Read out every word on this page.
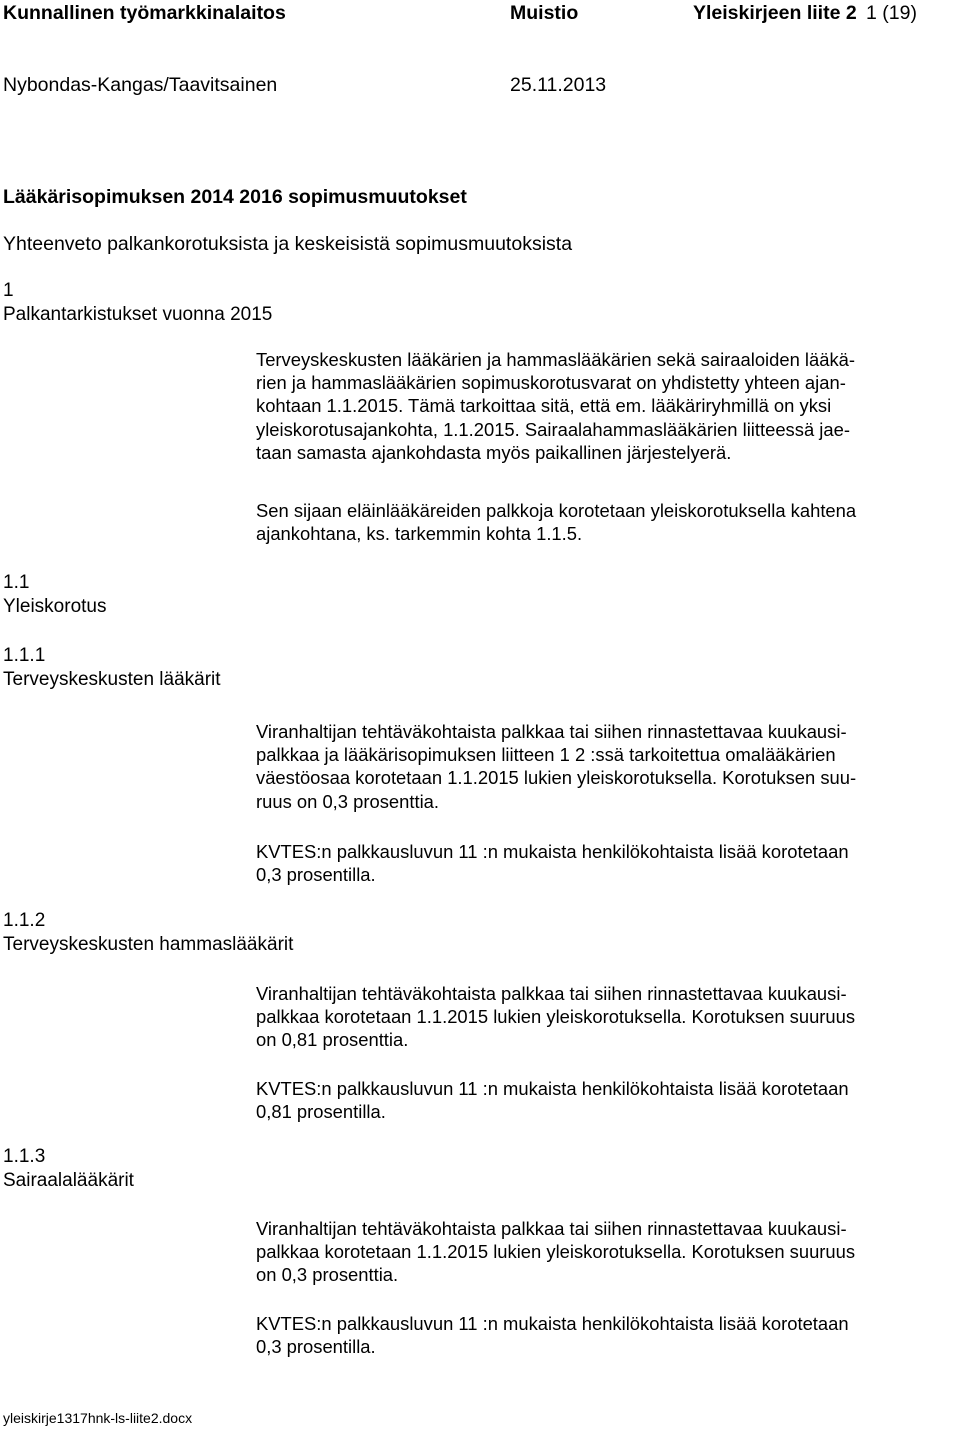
Kunnallinen työmarkkinalaitos	Muistio	Yleiskirjeen liite 2 1 (19)
Nybondas-Kangas/Taavitsainen	25.11.2013
Lääkärisopimuksen 2014 2016 sopimusmuutokset
Yhteenveto palkankorotuksista ja keskeisistä sopimusmuutoksista
1
Palkantarkistukset vuonna 2015
Terveyskeskusten lääkärien ja hammaslääkärien sekä sairaaloiden lääkä-
rien ja hammaslääkärien sopimuskorotusvarat on yhdistetty yhteen ajan-
kohtaan 1.1.2015. Tämä tarkoittaa sitä, että em. lääkäriryhmillä on yksi
yleiskorotusajankohta, 1.1.2015. Sairaalahammaslääkärien liitteessä jae-
taan samasta ajankohdasta myös paikallinen järjestelyerä.
Sen sijaan eläinlääkäreiden palkkoja korotetaan yleiskorotuksella kahtena
ajankohtana, ks. tarkemmin kohta 1.1.5.
1.1
Yleiskorotus
1.1.1
Terveyskeskusten lääkärit
Viranhaltijan tehtäväkohtaista palkkaa tai siihen rinnastettavaa kuukausi-
palkkaa ja lääkärisopimuksen liitteen 1 2 :ssä tarkoitettua omalääkärien
väestöosaa korotetaan 1.1.2015 lukien yleiskorotuksella. Korotuksen suu-
ruus on 0,3 prosenttia.
KVTES:n palkkausluvun 11 :n mukaista henkilökohtaista lisää korotetaan
0,3 prosentilla.
1.1.2
Terveyskeskusten hammaslääkärit
Viranhaltijan tehtäväkohtaista palkkaa tai siihen rinnastettavaa kuukausi-
palkkaa korotetaan 1.1.2015 lukien yleiskorotuksella. Korotuksen suuruus
on 0,81 prosenttia.
KVTES:n palkkausluvun 11 :n mukaista henkilökohtaista lisää korotetaan
0,81 prosentilla.
1.1.3
Sairaalalääkärit
Viranhaltijan tehtäväkohtaista palkkaa tai siihen rinnastettavaa kuukausi-
palkkaa korotetaan 1.1.2015 lukien yleiskorotuksella. Korotuksen suuruus
on 0,3 prosenttia.
KVTES:n palkkausluvun 11 :n mukaista henkilökohtaista lisää korotetaan
0,3 prosentilla.
yleiskirje1317hnk-ls-liite2.docx
